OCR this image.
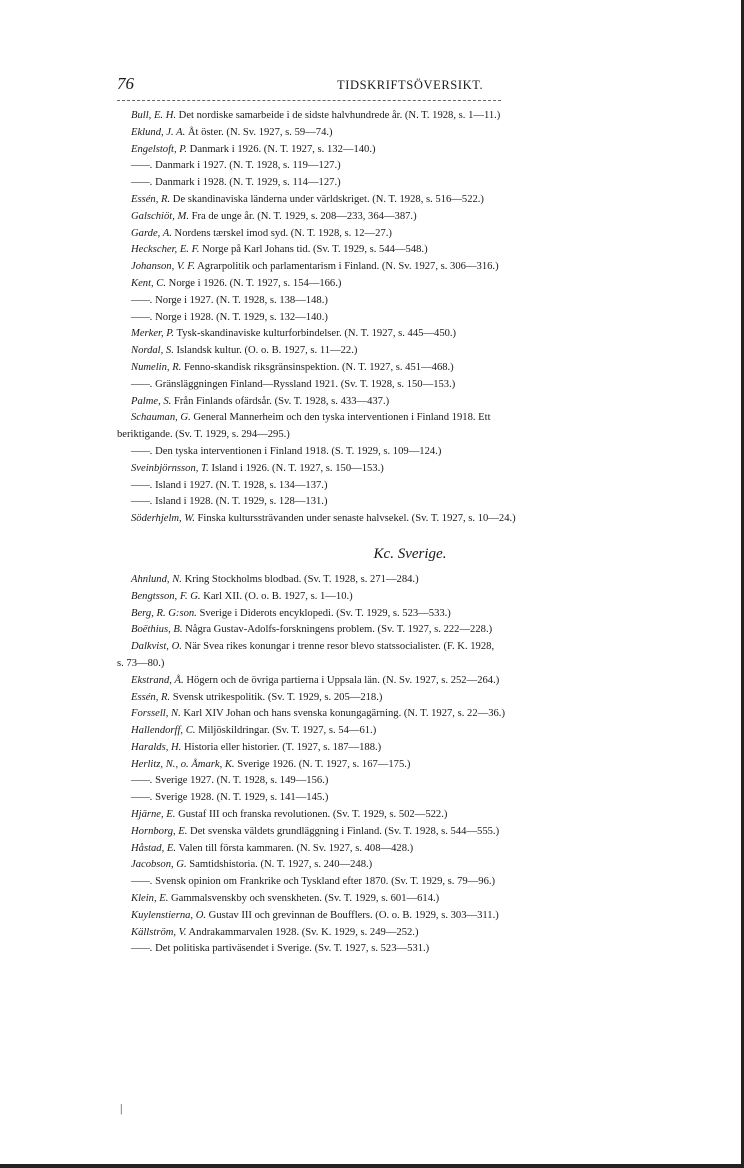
76	TIDSKRIFTSÖVERSIKT.
Bull, E. H. Det nordiske samarbeide i de sidste halvhundrede år. (N. T. 1928, s. 1—11.)
Eklund, J. A. Åt öster. (N. Sv. 1927, s. 59—74.)
Engelstoft, P. Danmark i 1926. (N. T. 1927, s. 132—140.)
——. Danmark i 1927. (N. T. 1928, s. 119—127.)
——. Danmark i 1928. (N. T. 1929, s. 114—127.)
Essén, R. De skandinaviska länderna under världskriget. (N. T. 1928, s. 516—522.)
Galschiöt, M. Fra de unge år. (N. T. 1929, s. 208—233, 364—387.)
Garde, A. Nordens tærskel imod syd. (N. T. 1928, s. 12—27.)
Heckscher, E. F. Norge på Karl Johans tid. (Sv. T. 1929, s. 544—548.)
Johanson, V. F. Agrarpolitik och parlamentarism i Finland. (N. Sv. 1927, s. 306—316.)
Kent, C. Norge i 1926. (N. T. 1927, s. 154—166.)
——. Norge i 1927. (N. T. 1928, s. 138—148.)
——. Norge i 1928. (N. T. 1929, s. 132—140.)
Merker, P. Tysk-skandinaviske kulturforbindelser. (N. T. 1927, s. 445—450.)
Nordal, S. Islandsk kultur. (O. o. B. 1927, s. 11—22.)
Numelin, R. Fenno-skandisk riksgränsinspektion. (N. T. 1927, s. 451—468.)
——. Gränsläggningen Finland—Ryssland 1921. (Sv. T. 1928, s. 150—153.)
Palme, S. Från Finlands ofärdsår. (Sv. T. 1928, s. 433—437.)
Schauman, G. General Mannerheim och den tyska interventionen i Finland 1918. Ett
beriktigande. (Sv. T. 1929, s. 294—295.)
——. Den tyska interventionen i Finland 1918. (S. T. 1929, s. 109—124.)
Sveinbjörnsson, T. Island i 1926. (N. T. 1927, s. 150—153.)
——. Island i 1927. (N. T. 1928, s. 134—137.)
——. Island i 1928. (N. T. 1929, s. 128—131.)
Söderhjelm, W. Finska kulturssträvanden under senaste halvsekel. (Sv. T. 1927, s. 10—24.)
Kc. Sverige.
Ahnlund, N. Kring Stockholms blodbad. (Sv. T. 1928, s. 271—284.)
Bengtsson, F. G. Karl XII. (O. o. B. 1927, s. 1—10.)
Berg, R. G:son. Sverige i Diderots encyklopedi. (Sv. T. 1929, s. 523—533.)
Boëthius, B. Några Gustav-Adolfs-forskningens problem. (Sv. T. 1927, s. 222—228.)
Dalkvist, O. När Svea rikes konungar i trenne resor blevo statssocialister. (F. K. 1928,
s. 73—80.)
Ekstrand, Å. Högern och de övriga partierna i Uppsala län. (N. Sv. 1927, s. 252—264.)
Essén, R. Svensk utrikespolitik. (Sv. T. 1929, s. 205—218.)
Forssell, N. Karl XIV Johan och hans svenska konungagärning. (N. T. 1927, s. 22—36.)
Hallendorff, C. Miljöskildringar. (Sv. T. 1927, s. 54—61.)
Haralds, H. Historia eller historier. (T. 1927, s. 187—188.)
Herlitz, N., o. Åmark, K. Sverige 1926. (N. T. 1927, s. 167—175.)
——. Sverige 1927. (N. T. 1928, s. 149—156.)
——. Sverige 1928. (N. T. 1929, s. 141—145.)
Hjärne, E. Gustaf III och franska revolutionen. (Sv. T. 1929, s. 502—522.)
Hornborg, E. Det svenska väldets grundläggning i Finland. (Sv. T. 1928, s. 544—555.)
Håstad, E. Valen till första kammaren. (N. Sv. 1927, s. 408—428.)
Jacobson, G. Samtidshistoria. (N. T. 1927, s. 240—248.)
——. Svensk opinion om Frankrike och Tyskland efter 1870. (Sv. T. 1929, s. 79—96.)
Klein, E. Gammalsvenskby och svenskheten. (Sv. T. 1929, s. 601—614.)
Kuylenstierna, O. Gustav III och grevinnan de Boufflers. (O. o. B. 1929, s. 303—311.)
Källström, V. Andrakammarvalen 1928. (Sv. K. 1929, s. 249—252.)
——. Det politiska partiväsendet i Sverige. (Sv. T. 1927, s. 523—531.)
|
